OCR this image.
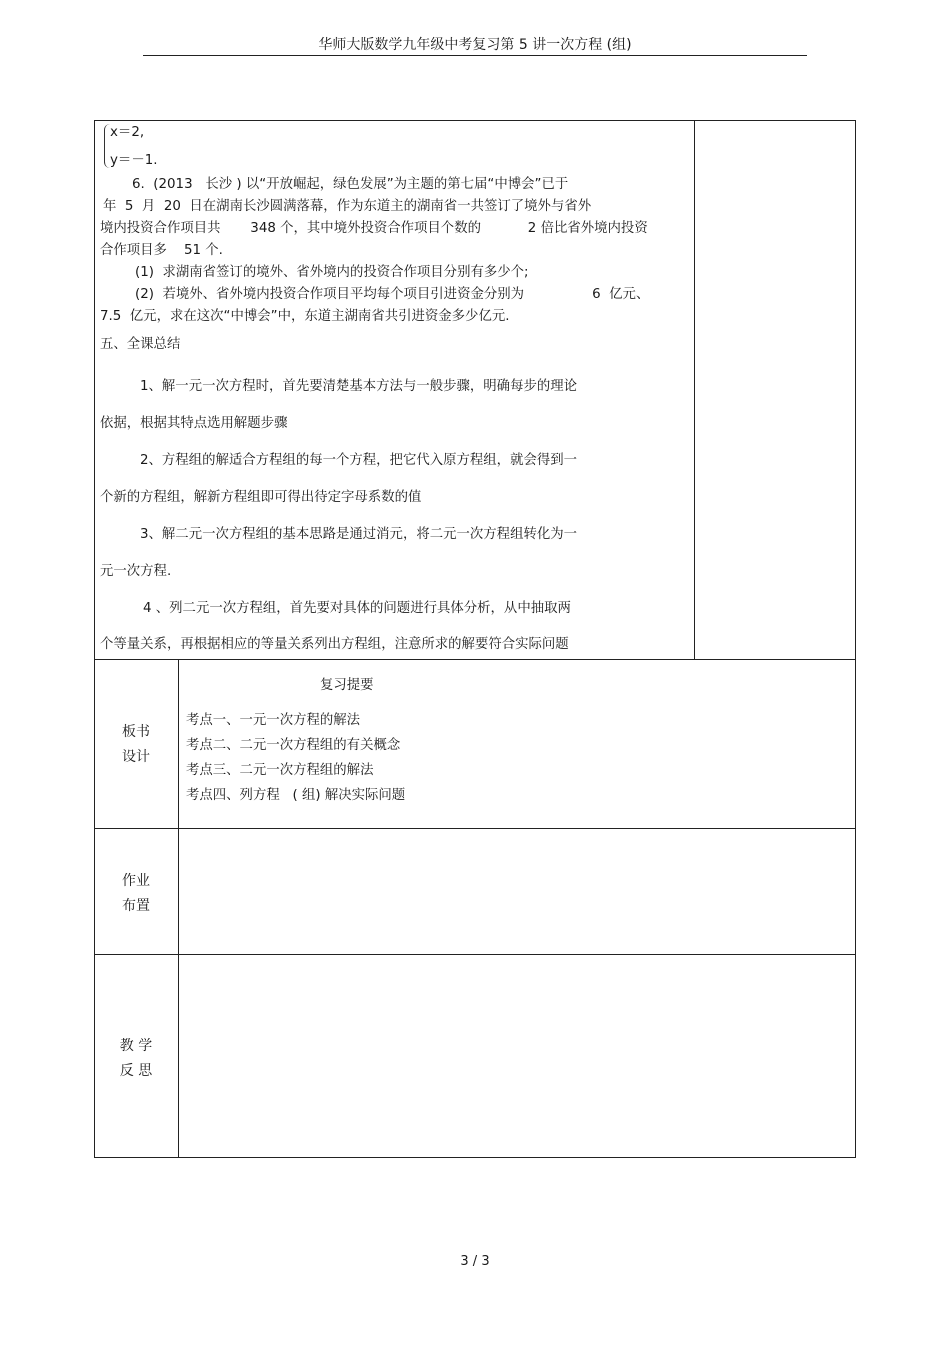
华师大版数学九年级中考复习第 5 讲一次方程 (组)
x＝2,
y＝－1.
6.  (2013   长沙 ) 以“开放崛起，绿色发展”为主题的第七届“中博会”已于
年  5  月  20  日在湖南长沙圆满落幕，作为东道主的湖南省一共签订了境外与省外
境内投资合作项目共       348 个，其中境外投资合作项目个数的           2 倍比省外境内投资
合作项目多    51 个.
(1)  求湖南省签订的境外、省外境内的投资合作项目分别有多少个;
(2)  若境外、省外境内投资合作项目平均每个项目引进资金分别为                6  亿元、
7.5  亿元，求在这次“中博会”中，东道主湖南省共引进资金多少亿元.
五、全课总结
1、解一元一次方程时，首先要清楚基本方法与一般步骤，明确每步的理论
依据，根据其特点选用解题步骤
2、方程组的解适合方程组的每一个方程，把它代入原方程组，就会得到一
个新的方程组，解新方程组即可得出待定字母系数的值
3、解二元一次方程组的基本思路是通过消元，将二元一次方程组转化为一
元一次方程.
4 、列二元一次方程组，首先要对具体的问题进行具体分析，从中抽取两
个等量关系，再根据相应的等量关系列出方程组，注意所求的解要符合实际问题
板书
设计
复习提要
考点一、一元一次方程的解法
考点二、二元一次方程组的有关概念
考点三、二元一次方程组的解法
考点四、列方程   ( 组) 解决实际问题
作业
布置
教 学
反 思
3 / 3
